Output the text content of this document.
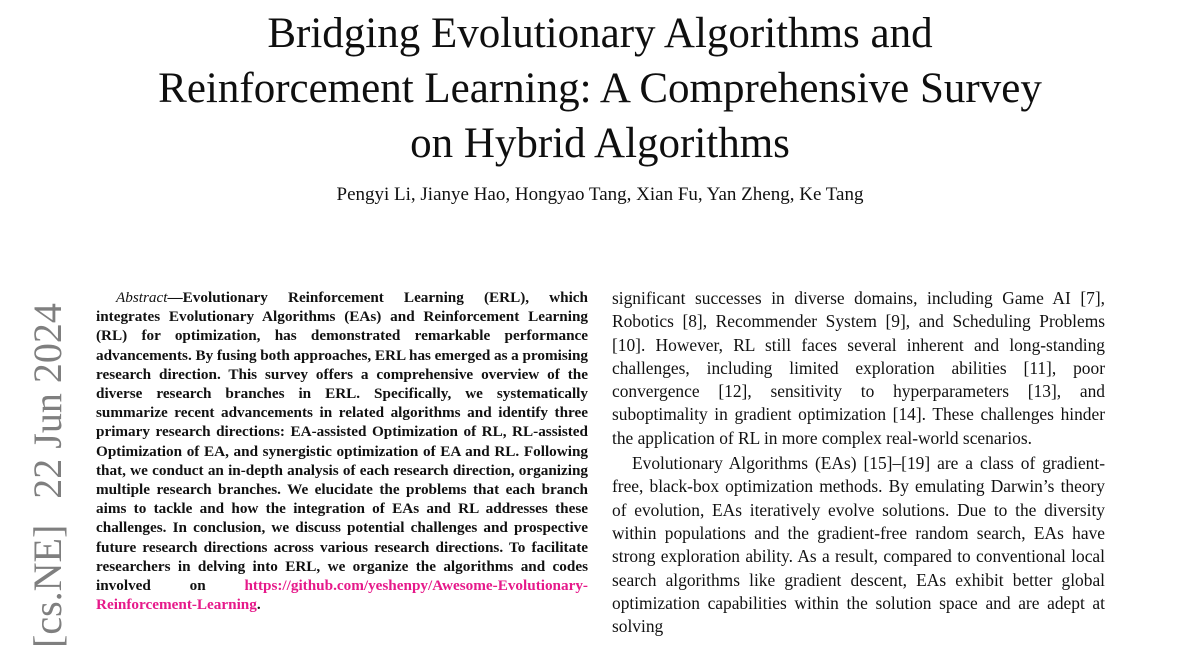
Bridging Evolutionary Algorithms and
Reinforcement Learning: A Comprehensive Survey
on Hybrid Algorithms
Pengyi Li, Jianye Hao, Hongyao Tang, Xian Fu, Yan Zheng, Ke Tang
[cs.NE]22 Jun 2024

Abstract—Evolutionary Reinforcement Learning (ERL), which integrates Evolutionary Algorithms (EAs) and Reinforcement Learning (RL) for optimization, has demonstrated remarkable performance advancements. By fusing both approaches, ERL has emerged as a promising research direction. This survey offers a comprehensive overview of the diverse research branches in ERL. Specifically, we systematically summarize recent advancements in related algorithms and identify three primary research directions: EA-assisted Optimization of RL, RL-assisted Optimization of EA, and synergistic optimization of EA and RL. Following that, we conduct an in-depth analysis of each research direction, organizing multiple research branches. We elucidate the problems that each branch aims to tackle and how the integration of EAs and RL addresses these challenges. In conclusion, we discuss potential challenges and prospective future research directions across various research directions. To facilitate researchers in delving into ERL, we organize the algorithms and codes involved on https://github.com/yeshenpy/Awesome-Evolutionary-Reinforcement-Learning.

significant successes in diverse domains, including Game AI [7], Robotics [8], Recommender System [9], and Scheduling Problems [10]. However, RL still faces several inherent and long-standing challenges, including limited exploration abilities [11], poor convergence [12], sensitivity to hyperparameters [13], and suboptimality in gradient optimization [14]. These challenges hinder the application of RL in more complex real-world scenarios.

Evolutionary Algorithms (EAs) [15]–[19] are a class of gradient-free, black-box optimization methods. By emulating Darwin’s theory of evolution, EAs iteratively evolve solutions. Due to the diversity within populations and the gradient-free random search, EAs have strong exploration ability. As a result, compared to conventional local search algorithms like gradient descent, EAs exhibit better global optimization capabilities within the solution space and are adept at solving
